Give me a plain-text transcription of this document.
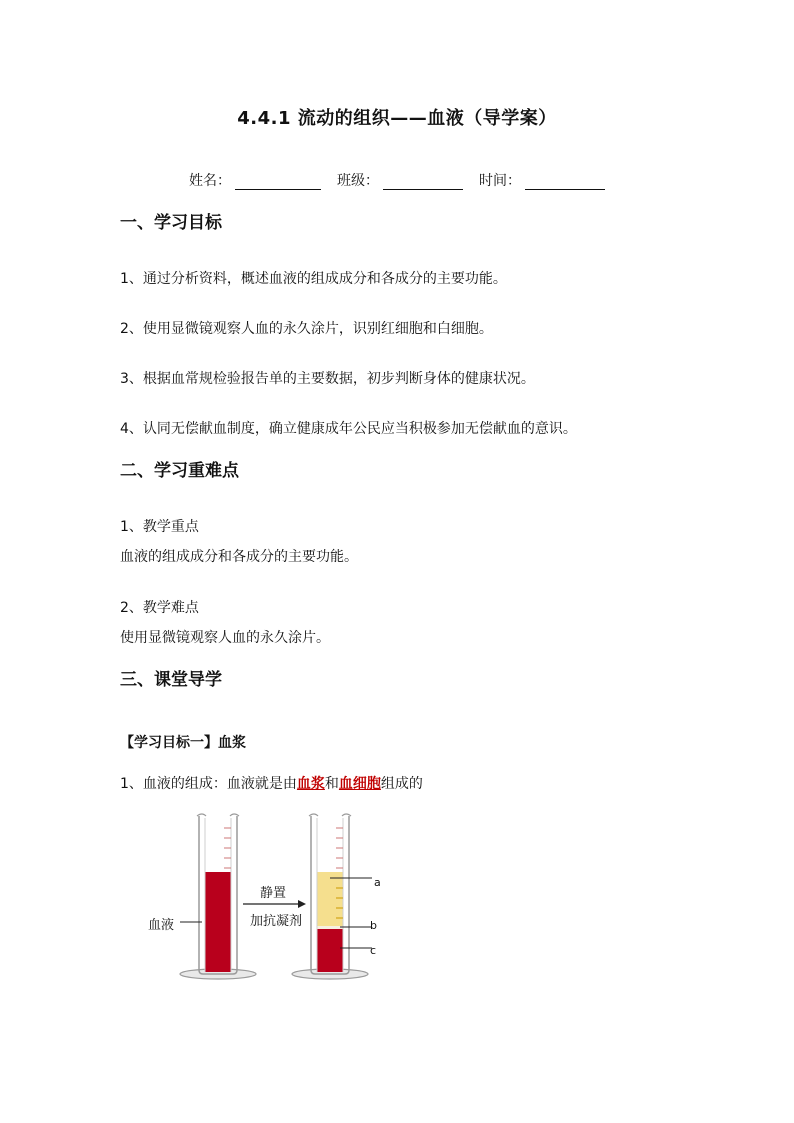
4.4.1 流动的组织——血液（导学案）
姓名：	班级：	时间：
一、学习目标
1、通过分析资料，概述血液的组成成分和各成分的主要功能。
2、使用显微镜观察人血的永久涂片，识别红细胞和白细胞。
3、根据血常规检验报告单的主要数据，初步判断身体的健康状况。
4、认同无偿献血制度，确立健康成年公民应当积极参加无偿献血的意识。
二、学习重难点
1、教学重点
血液的组成成分和各成分的主要功能。
2、教学难点
使用显微镜观察人血的永久涂片。
三、课堂导学
【学习目标一】血浆
1、血液的组成：血液就是由血浆和血细胞组成的
血液
静置
加抗凝剂
a
b
c
